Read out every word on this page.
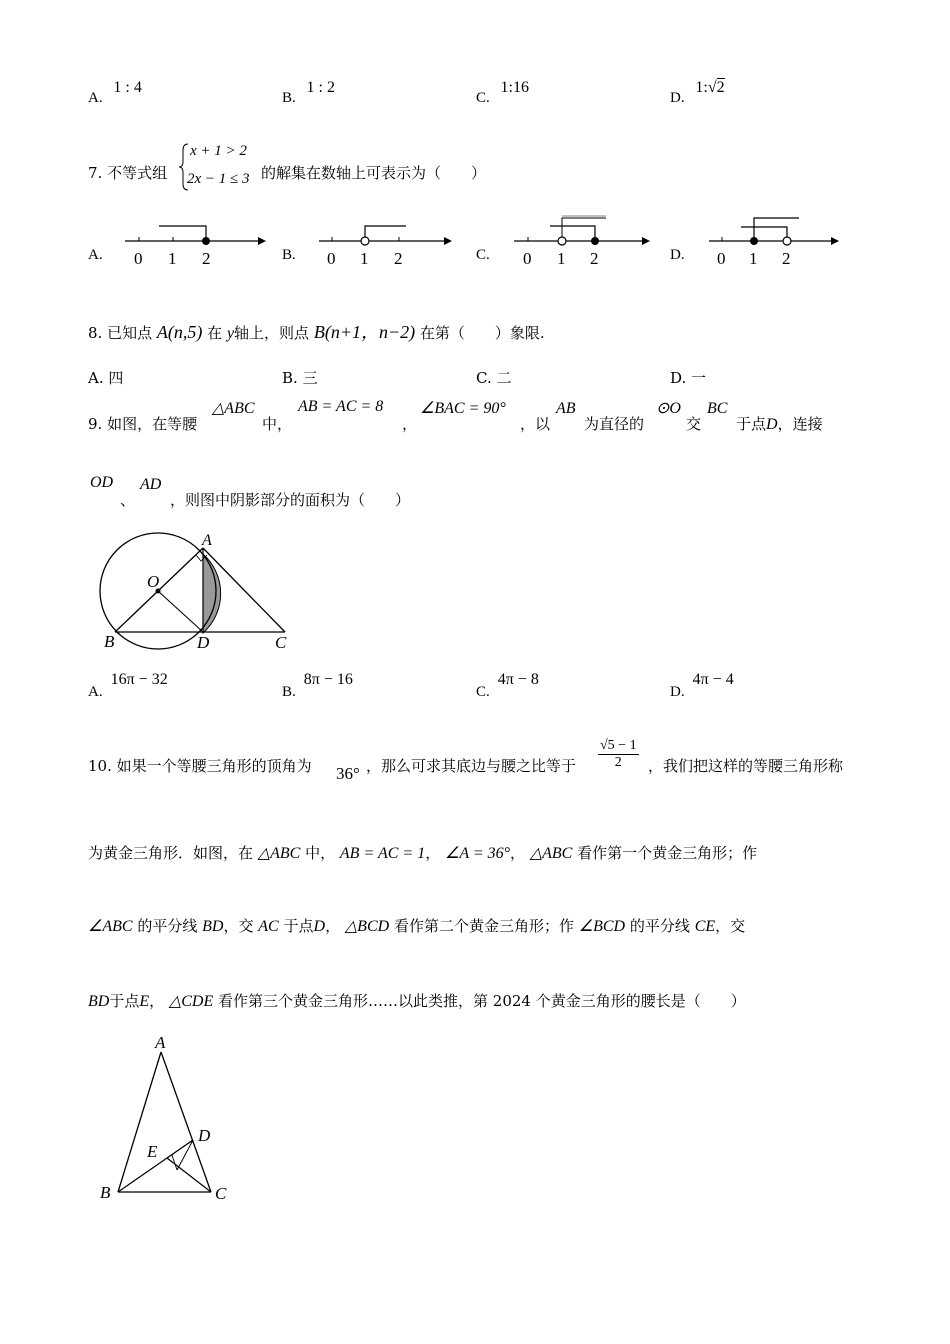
A. 1 : 4
B. 1 : 2
C. 1:16
D. 1:√2
7. 不等式组
x + 1 > 2
2x − 1 ≤ 3 的解集在数轴上可表示为（　　）
A. 0 1 2	B. 0 1 2	C. 0 1 2	D. 0 1 2
8. 已知点 A(n,5) 在 y轴上，则点 B(n+1，n−2) 在第（　　）象限.
A. 四	B. 三	C. 二	D. 一
9. 如图，在等腰
△ABC
中，
AB = AC = 8
，
∠BAC = 90°
，以
AB
为直径的
⊙O
交
BC
于点D，连接
OD
、
AD
，则图中阴影部分的面积为（　　）
A
O
B	D	C
A.16π − 32
B.8π − 16
C.4π − 8
D.4π − 4
10. 如果一个等腰三角形的顶角为 36° ，那么可求其底边与腰之比等于 $\frac{√5 - 1}{2}$ ，我们把这样的等腰三角形称
为黄金三角形．如图，在 △ABC 中， AB = AC = 1， ∠A = 36°， △ABC 看作第一个黄金三角形；作
∠ABC 的平分线 BD，交 AC 于点D， △BCD 看作第二个黄金三角形；作 ∠BCD 的平分线 CE，交
BD于点E， △CDE 看作第三个黄金三角形……以此类推，第 2024 个黄金三角形的腰长是（　　）
A
D
E
B	C
